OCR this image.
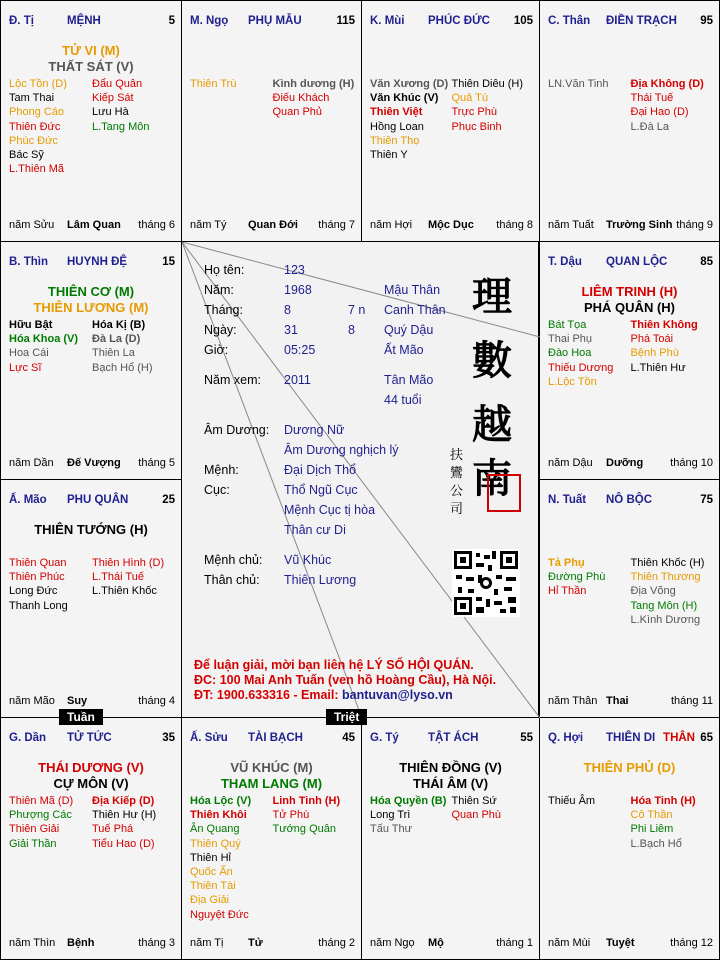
Đ. Tị	MỆNH	5
TỬ VI (M)
THẤT SÁT (V)
Lộc Tồn (D)
Tam Thai
Phong Cáo
Thiên Đức
Phúc Đức
Bác Sỹ
L.Thiên Mã
Đẩu Quân
Kiếp Sát
Lưu Hà
L.Tang Môn
năm Sửu Lâm Quan tháng 6
M. Ngọ PHỤ MẪU	115
Thiên Trù	Kình dương (H)
Điếu Khách
Quan Phủ
năm Tý Quan Đới tháng 7
K. Mùi PHÚC ĐỨC 105
Văn Xương (D)
Văn Khúc (V)
Thiên Việt
Hồng Loan
Thiên Thọ
Thiên Y
Thiên Diêu (H)
Quả Tú
Trực Phù
Phục Binh
năm Hợi Mộc Dục tháng 8
C. Thân ĐIỀN TRẠCH 95
LN.Văn Tinh	Địa Không (D)
Thái Tuế
Đại Hao (D)
L.Đà La
năm Tuất Trường Sinh tháng 9
B. Thìn HUYNH ĐỆ	15
THIÊN CƠ (M)
THIÊN LƯƠNG (M)
Hữu Bật
Hóa Khoa (V)
Hoa Cái
Lực Sĩ
Hóa Kị (B)
Đà La (D)
Thiên La
Bạch Hổ (H)
năm Dần Đế Vượng tháng 5
T. Dậu QUAN LỘC	85
LIÊM TRINH (H)
PHÁ QUÂN (H)
Bát Tọa
Thai Phụ
Đào Hoa
Thiếu Dương
L.Lộc Tồn
Thiên Không
Phá Toái
Bệnh Phù
L.Thiên Hư
năm Dậu Dưỡng tháng 10
Ấ. Mão PHU QUÂN	25
THIÊN TƯỚNG (H)
Thiên Quan
Thiên Phúc
Long Đức
Thanh Long
Thiên Hình (D)
L.Thái Tuế
L.Thiên Khốc
năm Mão Suy	tháng 4
N. Tuất NÔ BỘC	75
Tả Phụ
Đường Phù
Hỉ Thần
Thiên Khốc (H)
Thiên Thương
Địa Võng
Tang Môn (H)
L.Kình Dương
năm Thân Thai	tháng 11
G. Dần TỬ TỨC	35
THÁI DƯƠNG (V)
CỰ MÔN (V)
Thiên Mã (D)
Phượng Các
Thiên Giải
Giải Thần
Địa Kiếp (D)
Thiên Hư (H)
Tuế Phá
Tiểu Hao (D)
năm Thìn Bệnh	tháng 3
Ấ. Sửu TÀI BẠCH	45
VŨ KHÚC (M)
THAM LANG (M)
Hóa Lộc (V)
Thiên Khôi
Ân Quang
Thiên Quý
Thiên Hỉ
Quốc Ấn
Thiên Tài
Địa Giải
Nguyệt Đức
Linh Tinh (H)
Tử Phù
Tướng Quân
năm Tị Tử	tháng 2
G. Tý	TẬT ÁCH	55
THIÊN ĐỒNG (V)
THÁI ÂM (V)
Hóa Quyền (B)
Long Trì
Tấu Thư
Thiên Sứ
Quan Phù
năm Ngọ Mộ	tháng 1
Q. Hợi THIÊN DI THÂN 65
THIÊN PHỦ (D)
Thiếu Âm	Hóa Tinh (H)
Cô Thần
Phi Liêm
L.Bạch Hổ
năm Mùi Tuyệt	tháng 12
Họ tên:	123
Năm:	1968	Mậu Thân
Tháng:	8	7 n Canh Thân
Ngày:	31	8 Quý Dậu
Giờ:	05:25	Ất Mão
Năm xem: 2011	Tân Mão
44 tuổi
Âm Dương: Dương Nữ
Âm Dương nghịch lý
Mệnh:	Đại Dịch Thổ
Cục:	Thổ Ngũ Cục
Mệnh Cục tị hòa
Thân cư Di
Mệnh chủ: Vũ Khúc
Thân chủ: Thiên Lương
理
數
越
南
扶
鸞
公
司
Để luận giải, mời bạn liên hệ LÝ SỐ HỘI QUÁN.
ĐC: 100 Mai Anh Tuấn (ven hồ Hoàng Cầu), Hà Nội.
ĐT: 1900.633316 - Email: bantuvan@lyso.vn
Tuần	Triệt
